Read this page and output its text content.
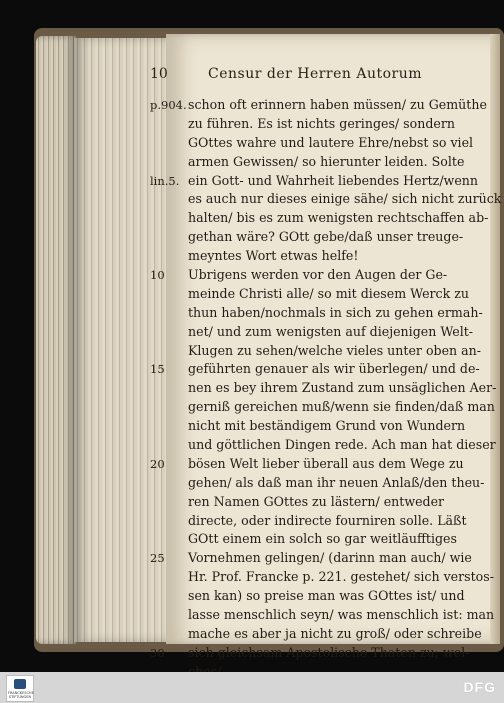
10	Censur der Herren Autorum
p.904. schon oft erinnern haben müssen/ zu Gemüthe
zu führen. Es ist nichts geringes/ sondern
GOttes wahre und lautere Ehre/nebst so viel
armen Gewissen/ so hierunter leiden. Solte
lin.5. ein Gott- und Wahrheit liebendes Hertz/wenn
es auch nur dieses einige sähe/ sich nicht zurück
halten/ bis es zum wenigsten rechtschaffen ab-
gethan wäre? GOtt gebe/daß unser treuge-
meyntes Wort etwas helfe!
10	Ubrigens werden vor den Augen der Ge-
meinde Christi alle/ so mit diesem Werck zu
thun haben/nochmals in sich zu gehen ermah-
net/ und zum wenigsten auf diejenigen Welt-
Klugen zu sehen/welche vieles unter oben an-
15	geführten genauer als wir überlegen/ und de-
nen es bey ihrem Zustand zum unsäglichen Aer-
gerniß gereichen muß/wenn sie finden/daß man
nicht mit beständigem Grund von Wundern
und göttlichen Dingen rede. Ach man hat dieser
20	bösen Welt lieber überall aus dem Wege zu
gehen/ als daß man ihr neuen Anlaß/den theu-
ren Namen GOttes zu lästern/ entweder
directe, oder indirecte fourniren solle. Läßt
GOtt einem ein solch so gar weitläufftiges
25	Vornehmen gelingen/ (darinn man auch/ wie
Hr. Prof. Francke p. 221. gestehet/ sich verstos-
sen kan) so preise man was GOttes ist/ und
lasse menschlich seyn/ was menschlich ist: man
mache es aber ja nicht zu groß/ oder schreibe
30	sich gleichsam Apostolische Thaten zu; wel-
FRANCKESCHE STIFTUNGEN
DFG
